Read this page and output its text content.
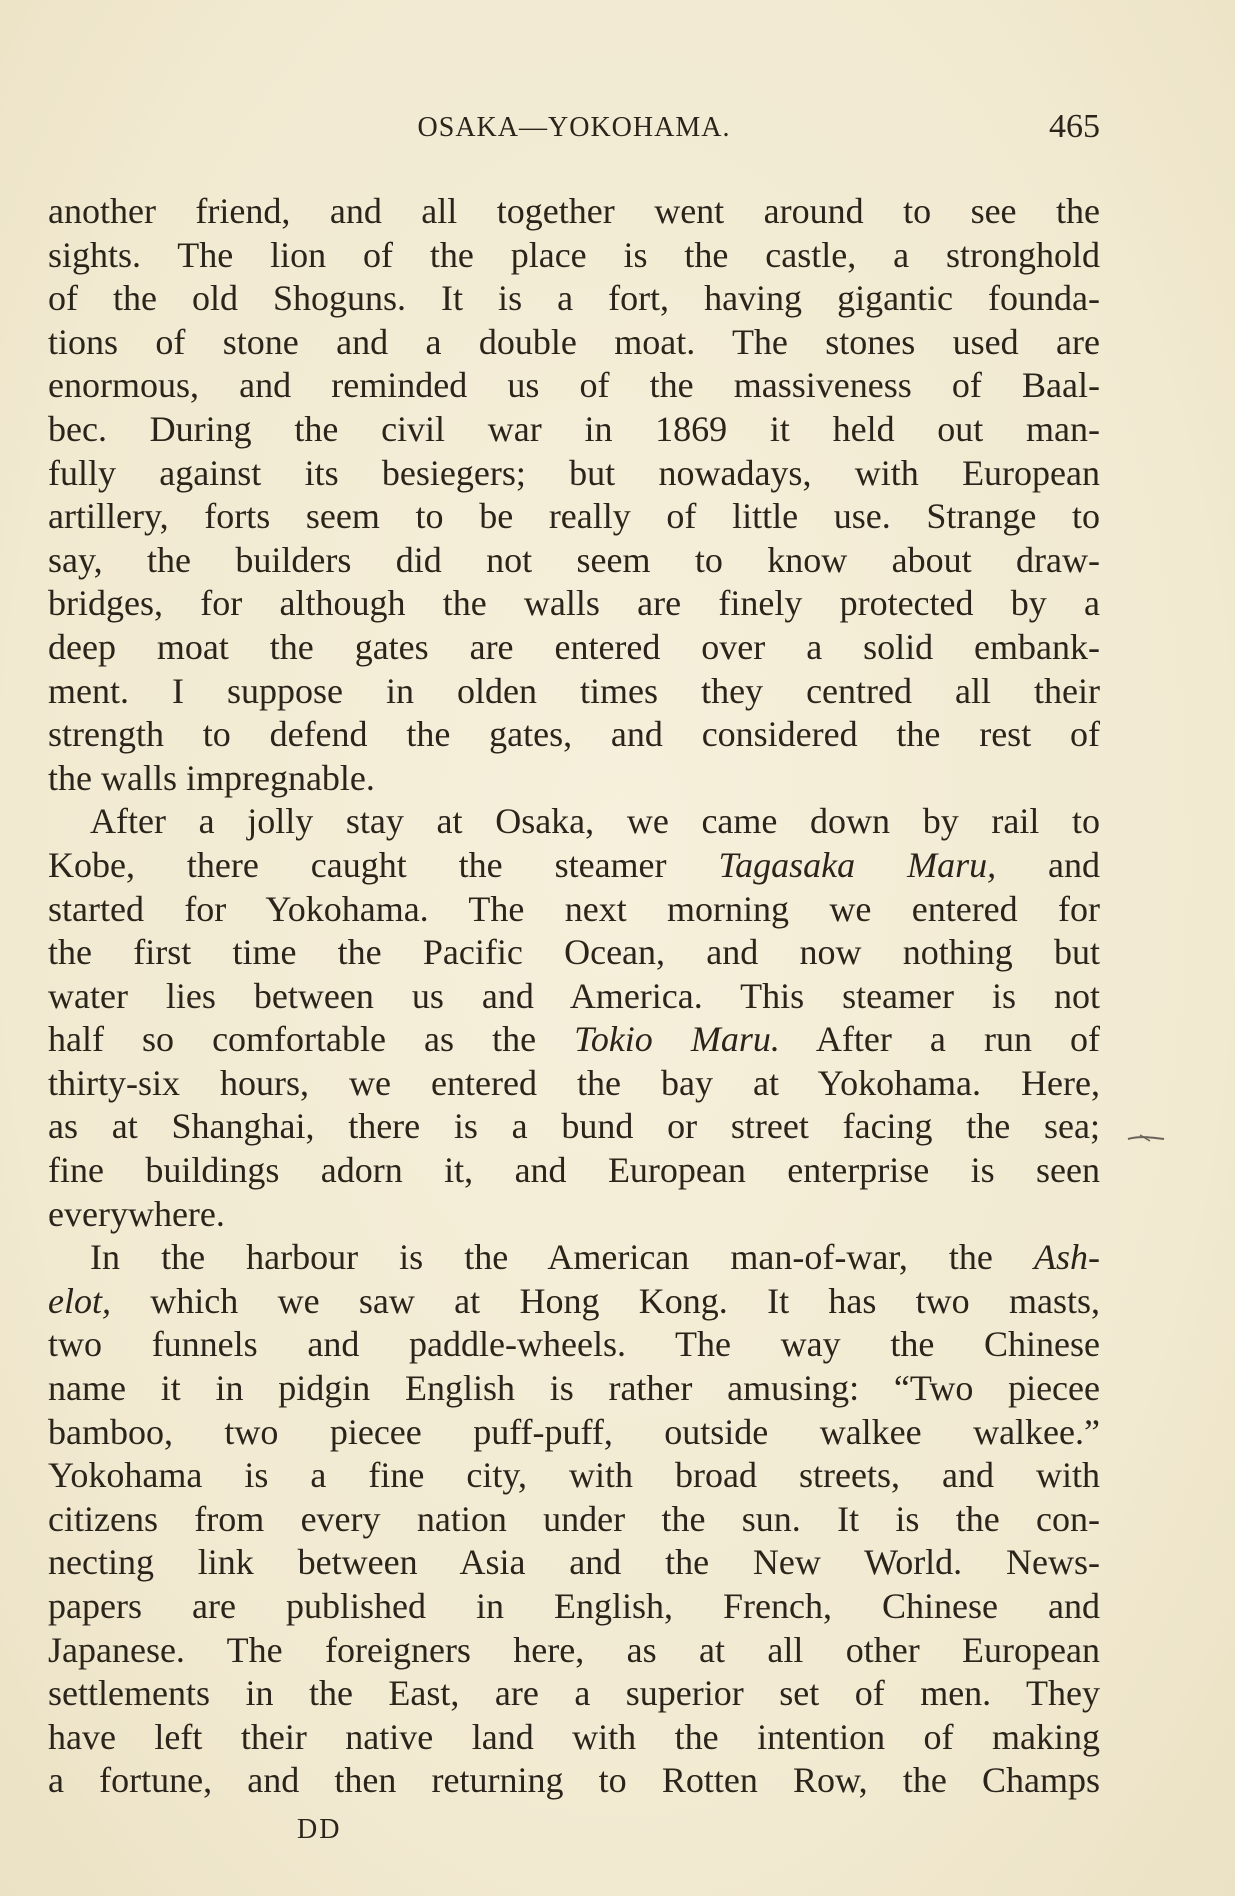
OSAKA—YOKOHAMA.	465
another friend, and all together went around to see the
sights. The lion of the place is the castle, a stronghold
of the old Shoguns. It is a fort, having gigantic founda-
tions of stone and a double moat. The stones used are
enormous, and reminded us of the massiveness of Baal-
bec. During the civil war in 1869 it held out man-
fully against its besiegers; but nowadays, with European
artillery, forts seem to be really of little use. Strange to
say, the builders did not seem to know about draw-
bridges, for although the walls are finely protected by a
deep moat the gates are entered over a solid embank-
ment. I suppose in olden times they centred all their
strength to defend the gates, and considered the rest of
the walls impregnable.
After a jolly stay at Osaka, we came down by rail to
Kobe, there caught the steamer Tagasaka Maru, and
started for Yokohama. The next morning we entered for
the first time the Pacific Ocean, and now nothing but
water lies between us and America. This steamer is not
half so comfortable as the Tokio Maru. After a run of
thirty-six hours, we entered the bay at Yokohama. Here,
as at Shanghai, there is a bund or street facing the sea;
fine buildings adorn it, and European enterprise is seen
everywhere.
In the harbour is the American man-of-war, the Ash-
elot, which we saw at Hong Kong. It has two masts,
two funnels and paddle-wheels. The way the Chinese
name it in pidgin English is rather amusing: “Two piecee
bamboo, two piecee puff-puff, outside walkee walkee.”
Yokohama is a fine city, with broad streets, and with
citizens from every nation under the sun. It is the con-
necting link between Asia and the New World. News-
papers are published in English, French, Chinese and
Japanese. The foreigners here, as at all other European
settlements in the East, are a superior set of men. They
have left their native land with the intention of making
a fortune, and then returning to Rotten Row, the Champs
DD
